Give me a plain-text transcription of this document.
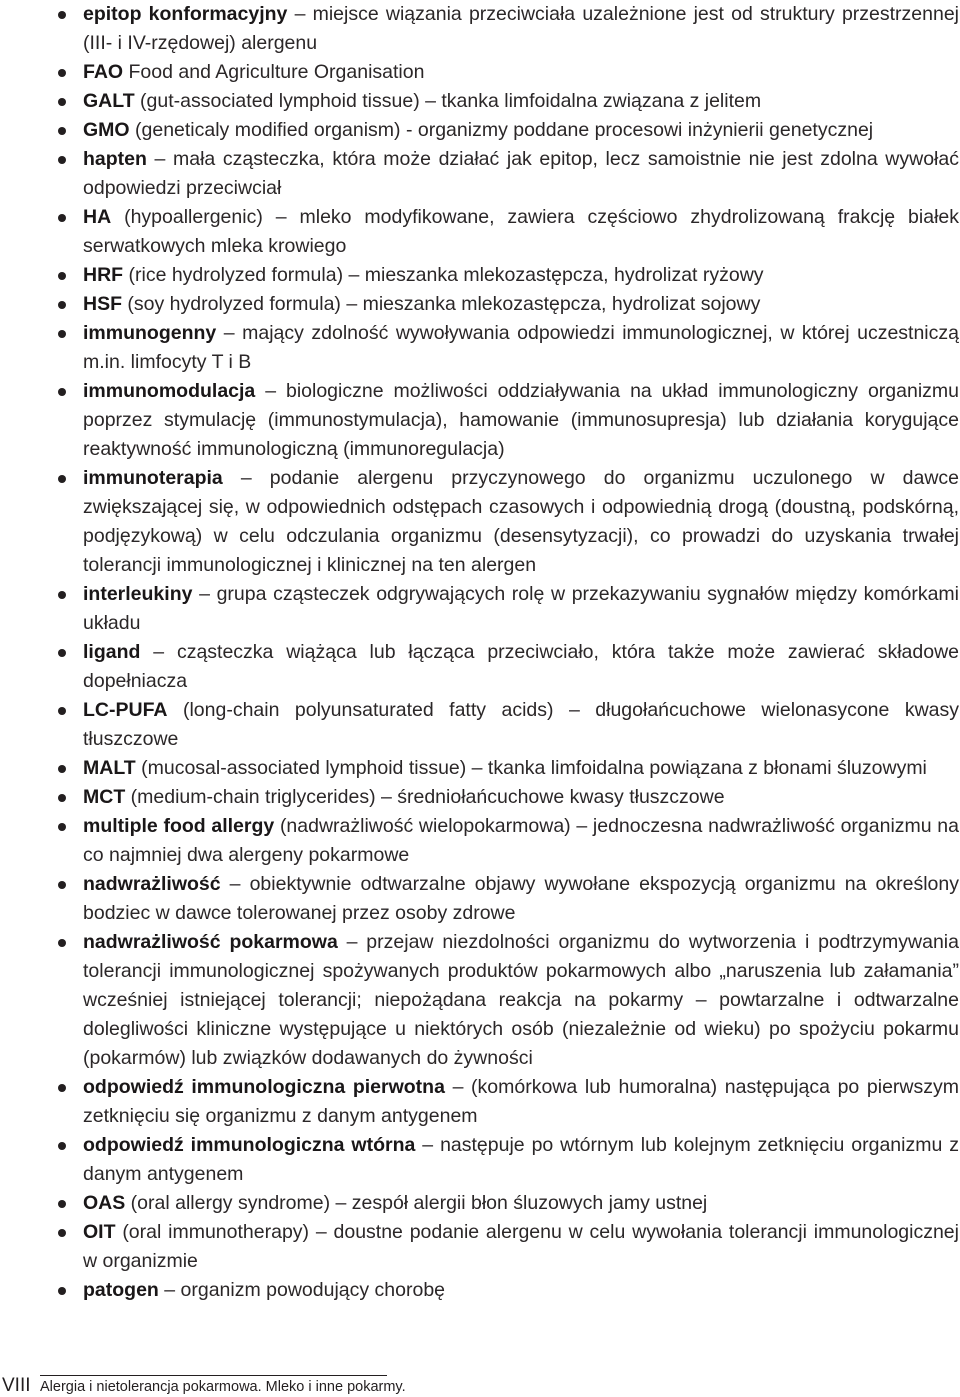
epitop konformacyjny – miejsce wiązania przeciwciała uzależnione jest od struktury przestrzennej (III- i IV-rzędowej) alergenu
FAO Food and Agriculture Organisation
GALT (gut-associated lymphoid tissue) – tkanka limfoidalna związana z jelitem
GMO (geneticaly modified organism) - organizmy poddane procesowi inżynierii genetycznej
hapten – mała cząsteczka, która może działać jak epitop, lecz samoistnie nie jest zdolna wywołać odpowiedzi przeciwciał
HA (hypoallergenic) – mleko modyfikowane, zawiera częściowo zhydrolizowaną frakcję białek serwatkowych mleka krowiego
HRF (rice hydrolyzed formula) – mieszanka mlekozastępcza, hydrolizat ryżowy
HSF (soy hydrolyzed formula) – mieszanka mlekozastępcza, hydrolizat sojowy
immunogenny – mający zdolność wywoływania odpowiedzi immunologicznej, w której uczestniczą m.in. limfocyty T i B
immunomodulacja – biologiczne możliwości oddziaływania na układ immunologiczny organizmu poprzez stymulację (immunostymulacja), hamowanie (immunosupresja) lub działania korygujące reaktywność immunologiczną (immunoregulacja)
immunoterapia – podanie alergenu przyczynowego do organizmu uczulonego w dawce zwiększającej się, w odpowiednich odstępach czasowych i odpowiednią drogą (doustną, podskórną, podjęzykową) w celu odczulania organizmu (desensytyzacji), co prowadzi do uzyskania trwałej tolerancji immunologicznej i klinicznej na ten alergen
interleukiny – grupa cząsteczek odgrywających rolę w przekazywaniu sygnałów między komórkami układu
ligand – cząsteczka wiążąca lub łącząca przeciwciało, która także może zawierać składowe dopełniacza
LC-PUFA (long-chain polyunsaturated fatty acids) – długołańcuchowe wielonasycone kwasy tłuszczowe
MALT (mucosal-associated lymphoid tissue) – tkanka limfoidalna powiązana z błonami śluzowymi
MCT (medium-chain triglycerides) – średniołańcuchowe kwasy tłuszczowe
multiple food allergy (nadwrażliwość wielopokarmowa) – jednoczesna nadwrażliwość organizmu na co najmniej dwa alergeny pokarmowe
nadwrażliwość – obiektywnie odtwarzalne objawy wywołane ekspozycją organizmu na określony bodziec w dawce tolerowanej przez osoby zdrowe
nadwrażliwość pokarmowa – przejaw niezdolności organizmu do wytworzenia i podtrzymywania tolerancji immunologicznej spożywanych produktów pokarmowych albo „naruszenia lub załamania” wcześniej istniejącej tolerancji; niepożądana reakcja na pokarmy – powtarzalne i odtwarzalne dolegliwości kliniczne występujące u niektórych osób (niezależnie od wieku) po spożyciu pokarmu (pokarmów) lub związków dodawanych do żywności
odpowiedź immunologiczna pierwotna – (komórkowa lub humoralna) następująca po pierwszym zetknięciu się organizmu z danym antygenem
odpowiedź immunologiczna wtórna – następuje po wtórnym lub kolejnym zetknięciu organizmu z danym antygenem
OAS (oral allergy syndrome) – zespół alergii błon śluzowych jamy ustnej
OIT (oral immunotherapy) – doustne podanie alergenu w celu wywołania tolerancji immunologicznej w organizmie
patogen – organizm powodujący chorobę
VIII Alergia i nietolerancja pokarmowa. Mleko i inne pokarmy.
